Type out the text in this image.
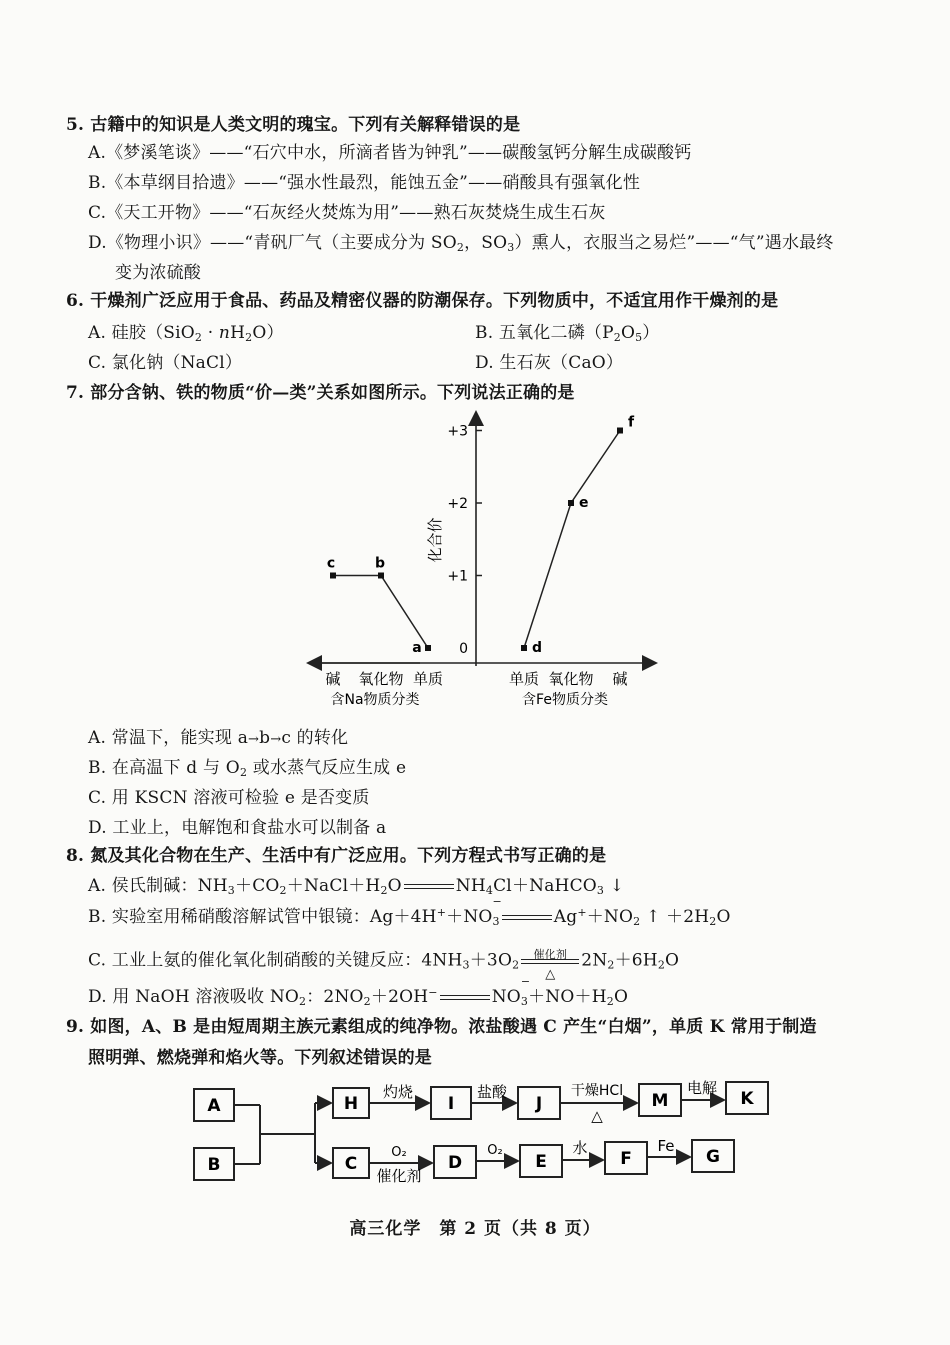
5. 古籍中的知识是人类文明的瑰宝。下列有关解释错误的是
A.《梦溪笔谈》——“石穴中水，所滴者皆为钟乳”——碳酸氢钙分解生成碳酸钙
B.《本草纲目拾遗》——“强水性最烈，能蚀五金”——硝酸具有强氧化性
C.《天工开物》——“石灰经火焚炼为用”——熟石灰焚烧生成生石灰
D.《物理小识》——“青矾厂气（主要成分为 $SO_2$，$SO_3$）熏人，衣服当之易烂”——“气”遇水最终
变为浓硫酸
6. 干燥剂广泛应用于食品、药品及精密仪器的防潮保存。下列物质中，不适宜用作干燥剂的是
A. 硅胶$(SiO_2 \cdot nH_2O)$	B. 五氧化二磷$(P_2O_5)$
C. 氯化钠（NaCl）	D. 生石灰（CaO）
7. 部分含钠、铁的物质“价—类”关系如图所示。下列说法正确的是
+3
+2
+1
0
化合价
c	b
a	d
e
f
碱 氧化物 单质	单质 氧化物 碱
含Na物质分类	含Fe物质分类
A. 常温下，能实现 a→b→c 的转化
B. 在高温下 d 与 $O_2$ 或水蒸气反应生成 e
C. 用 KSCN 溶液可检验 e 是否变质
D. 工业上，电解饱和食盐水可以制备 a
8. 氮及其化合物在生产、生活中有广泛应用。下列方程式书写正确的是
A. 侯氏制碱：$NH_3+CO_2+NaCl+H_2O$	$NH_4Cl+NaHCO_3$ ↓
B. 实验室用稀硝酸溶解试管中银镜：Ag＋4H+＋NO
−
$_3$	$Ag^++NO_2$ ↑ $+2H_2O$
C. 工业上氨的催化氧化制硝酸的关键反应：$4NH_3+3O_2$
催化剂
△
$2N_2+6H_2O$
D. 用 NaOH 溶液吸收 $NO_2$：$2NO_2+2OH^-$	NO
−
$_3+NO+H_2O$
9. 如图，A、B 是由短周期主族元素组成的纯净物。浓盐酸遇 C 产生“白烟”，单质 K 常用于制造
照明弹、燃烧弹和焰火等。下列叙述错误的是
A
B
H	I	J	M	K
C	D	E	F	G
灼烧	盐酸	干燥HCl
△
电解
O₂
催化剂
O₂	水	Fe
高三化学　第 2 页（共 8 页）
